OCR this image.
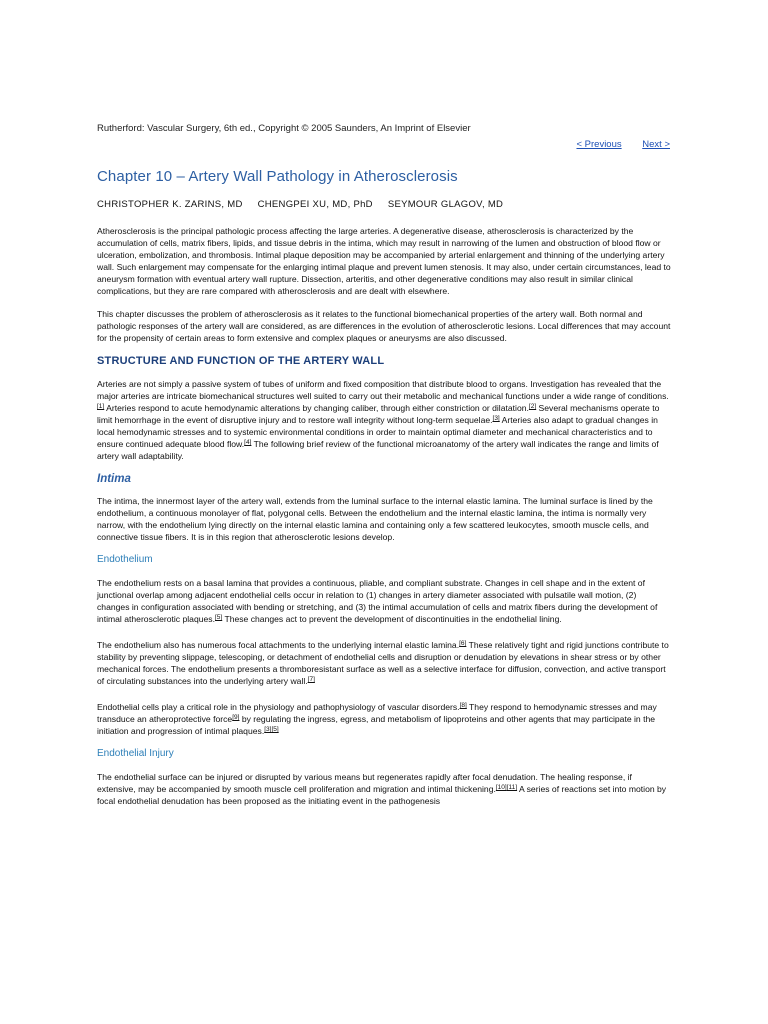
Rutherford: Vascular Surgery, 6th ed., Copyright © 2005 Saunders, An Imprint of Elsevier
< Previous Next >
Chapter 10 – Artery Wall Pathology in Atherosclerosis
CHRISTOPHER K. ZARINS, MD CHENGPEI XU, MD, PhD SEYMOUR GLAGOV, MD

Atherosclerosis is the principal pathologic process affecting the large arteries. A degenerative disease, atherosclerosis is characterized by the accumulation of cells, matrix fibers, lipids, and tissue debris in the intima, which may result in narrowing of the lumen and obstruction of blood flow or ulceration, embolization, and thrombosis. Intimal plaque deposition may be accompanied by arterial enlargement and thinning of the underlying artery wall. Such enlargement may compensate for the enlarging intimal plaque and prevent lumen stenosis. It may also, under certain circumstances, lead to aneurysm formation with eventual artery wall rupture. Dissection, arteritis, and other degenerative conditions may also result in similar clinical complications, but they are rare compared with atherosclerosis and are dealt with elsewhere.

This chapter discusses the problem of atherosclerosis as it relates to the functional biomechanical properties of the artery wall. Both normal and pathologic responses of the artery wall are considered, as are differences in the evolution of atherosclerotic lesions. Local differences that may account for the propensity of certain areas to form extensive and complex plaques or aneurysms are also discussed.

STRUCTURE AND FUNCTION OF THE ARTERY WALL

Arteries are not simply a passive system of tubes of uniform and fixed composition that distribute blood to organs. Investigation has revealed that the major arteries are intricate biomechanical structures well suited to carry out their metabolic and mechanical functions under a wide range of conditions.[1] Arteries respond to acute hemodynamic alterations by changing caliber, through either constriction or dilatation.[2] Several mechanisms operate to limit hemorrhage in the event of disruptive injury and to restore wall integrity without long-term sequelae.[3] Arteries also adapt to gradual changes in local hemodynamic stresses and to systemic environmental conditions in order to maintain optimal diameter and mechanical characteristics and to ensure continued adequate blood flow.[4] The following brief review of the functional microanatomy of the artery wall indicates the range and limits of artery wall adaptability.

Intima

The intima, the innermost layer of the artery wall, extends from the luminal surface to the internal elastic lamina. The luminal surface is lined by the endothelium, a continuous monolayer of flat, polygonal cells. Between the endothelium and the internal elastic lamina, the intima is normally very narrow, with the endothelium lying directly on the internal elastic lamina and containing only a few scattered leukocytes, smooth muscle cells, and connective tissue fibers. It is in this region that atherosclerotic lesions develop.

Endothelium

The endothelium rests on a basal lamina that provides a continuous, pliable, and compliant substrate. Changes in cell shape and in the extent of junctional overlap among adjacent endothelial cells occur in relation to (1) changes in artery diameter associated with pulsatile wall motion, (2) changes in configuration associated with bending or stretching, and (3) the intimal accumulation of cells and matrix fibers during the development of intimal atherosclerotic plaques.[5] These changes act to prevent the development of discontinuities in the endothelial lining.

The endothelium also has numerous focal attachments to the underlying internal elastic lamina.[6] These relatively tight and rigid junctions contribute to stability by preventing slippage, telescoping, or detachment of endothelial cells and disruption or denudation by elevations in shear stress or by other mechanical forces. The endothelium presents a thromboresistant surface as well as a selective interface for diffusion, convection, and active transport of circulating substances into the underlying artery wall.[7]

Endothelial cells play a critical role in the physiology and pathophysiology of vascular disorders.[8] They respond to hemodynamic stresses and may transduce an atheroprotective force[9] by regulating the ingress, egress, and metabolism of lipoproteins and other agents that may participate in the initiation and progression of intimal plaques.[3][5]

Endothelial Injury

The endothelial surface can be injured or disrupted by various means but regenerates rapidly after focal denudation. The healing response, if extensive, may be accompanied by smooth muscle cell proliferation and migration and intimal thickening.[10][11] A series of reactions set into motion by focal endothelial denudation has been proposed as the initiating event in the pathogenesis
